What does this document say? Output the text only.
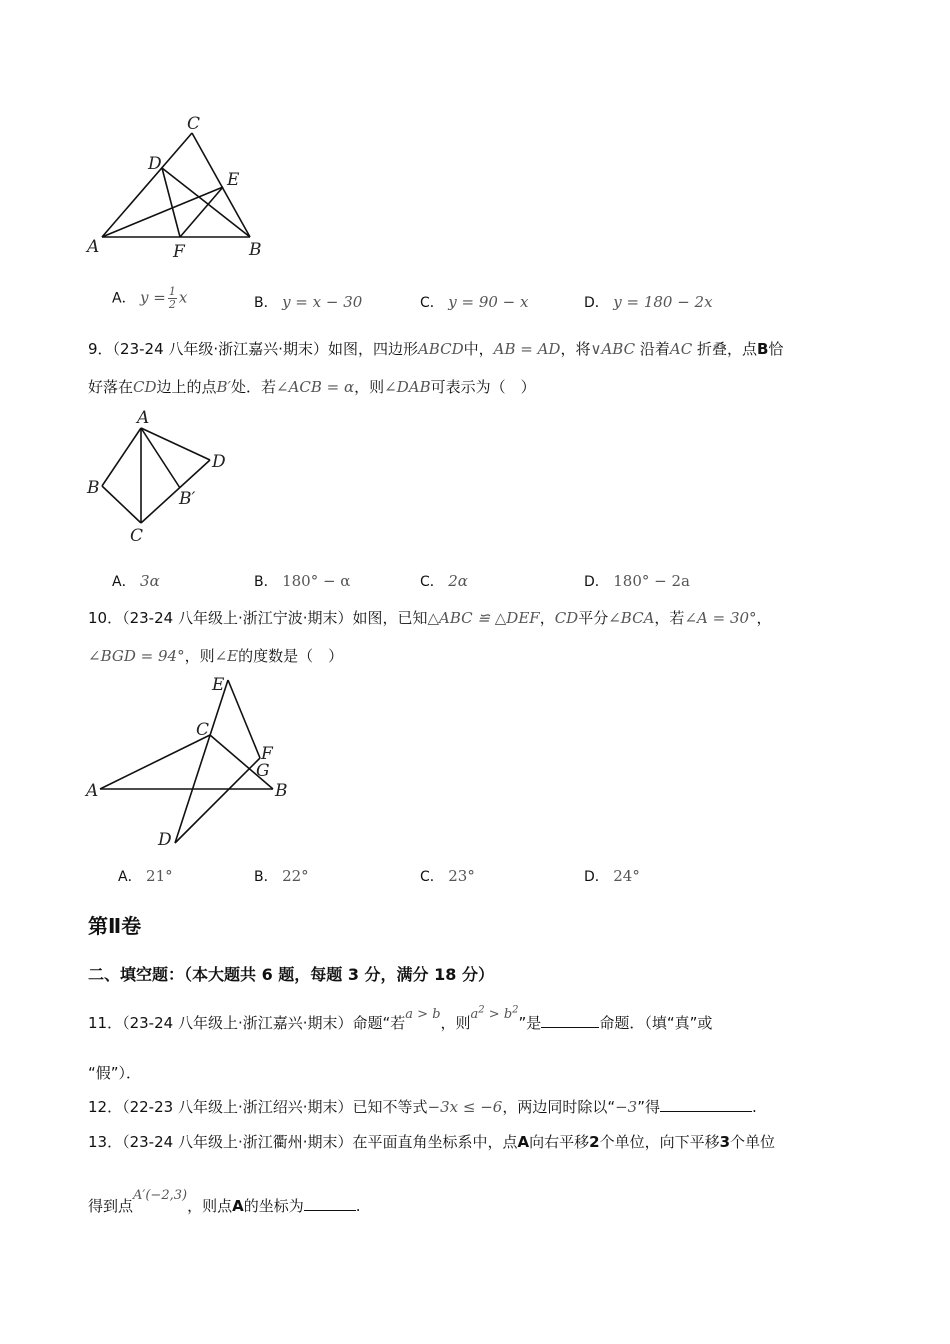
C
D
E
A	F	B
A． $y = \frac{1}{2}$ x	B． y = x − 30	C． y = 90 − x	D． y = 180 − 2x
9．（23-24 八年级·浙江嘉兴·期末）如图，四边形ABCD中，AB = AD，将∨ABC 沿着AC 折叠，点B恰
好落在CD边上的点B′处．若∠ACB = α，则∠DAB可表示为（　）
A
D
B
B′
C
A． 3α	B． 180° − α	C． 2α	D． 180° − 2a
10．（23-24 八年级上·浙江宁波·期末）如图，已知△ABC ≌ △DEF，CD平分∠BCA，若∠A = 30°，
∠BGD = 94°，则∠E的度数是（　）
E
C
F
G
A	B
D
A． 21°	B． 22°	C． 23°	D． 24°
第Ⅱ卷
二、填空题：（本大题共 6 题，每题 3 分，满分 18 分）
11．（23-24 八年级上·浙江嘉兴·期末）命题“若a > b，则$a^2 > b^2$”是	命题．（填“真”或
“假”）．
12．（22-23 八年级上·浙江绍兴·期末）已知不等式−3x ≤ −6，两边同时除以“−3”得	.
13．（23-24 八年级上·浙江衢州·期末）在平面直角坐标系中，点A向右平移2个单位，向下平移3个单位
得到点A′(−2,3)，则点A的坐标为	.
